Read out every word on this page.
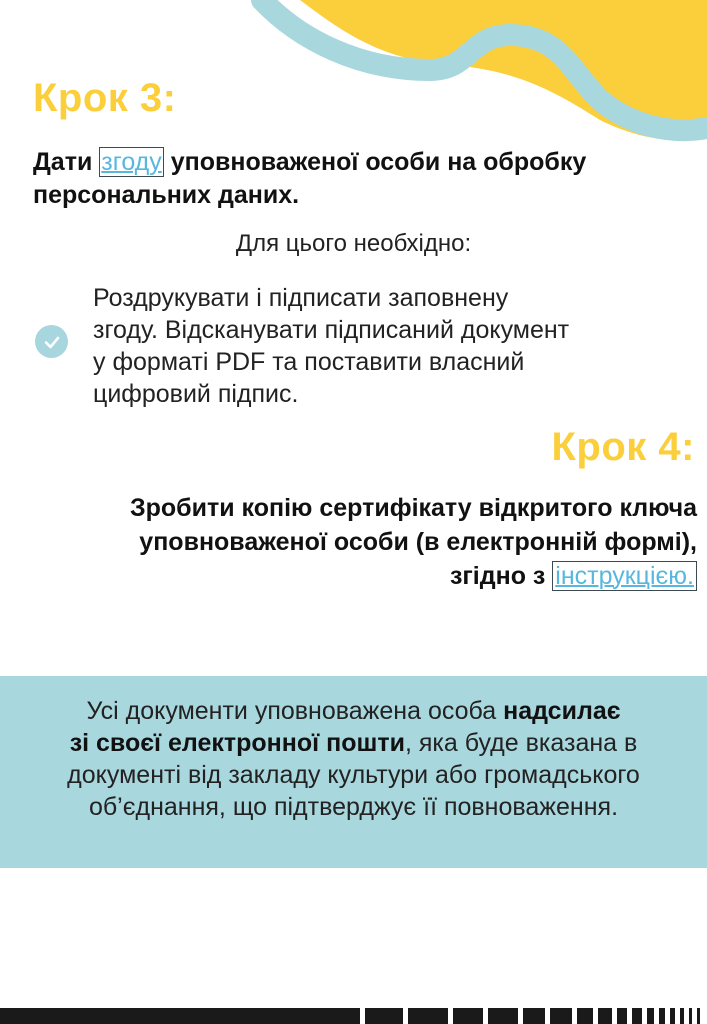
Крок 3:

Дати згоду уповноваженої особи на обробку персональних даних.

Для цього необхідно:

Роздрукувати і підписати заповнену
згоду. Відсканувати підписаний документ
у форматі PDF та поставити власний
цифровий підпис.

Крок 4:

Зробити копію сертифікату відкритого ключа
уповноваженої особи (в електронній формі),
згідно з інструкцією.

Усі документи уповноважена особа надсилає
зі своєї електронної пошти, яка буде вказана в документі від закладу культури або громадського об’єднання, що підтверджує її повноваження.
